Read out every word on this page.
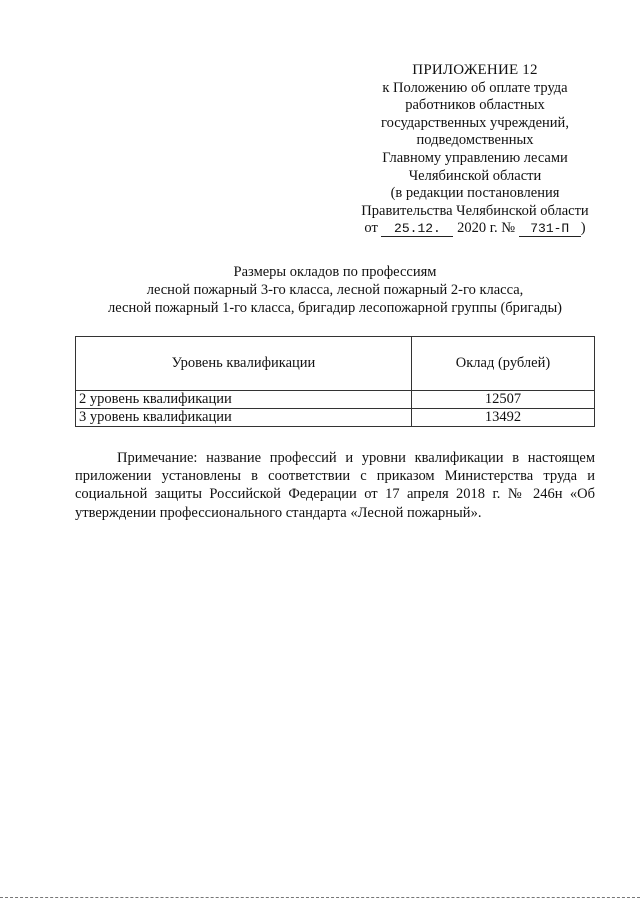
ПРИЛОЖЕНИЕ 12
к Положению об оплате труда
работников областных
государственных учреждений,
подведомственных
Главному управлению лесами
Челябинской области
(в редакции постановления
Правительства Челябинской области
от 25.12. 2020 г. № 731-П )
Размеры окладов по профессиям
лесной пожарный 3-го класса, лесной пожарный 2-го класса,
лесной пожарный 1-го класса, бригадир лесопожарной группы (бригады)
Уровень квалификации	Оклад (рублей)
2 уровень квалификации	12507
3 уровень квалификации	13492
Примечание: название профессий и уровни квалификации в настоящем приложении установлены в соответствии с приказом Министерства труда и социальной защиты Российской Федерации от 17 апреля 2018 г. № 246н «Об утверждении профессионального стандарта «Лесной пожарный».
